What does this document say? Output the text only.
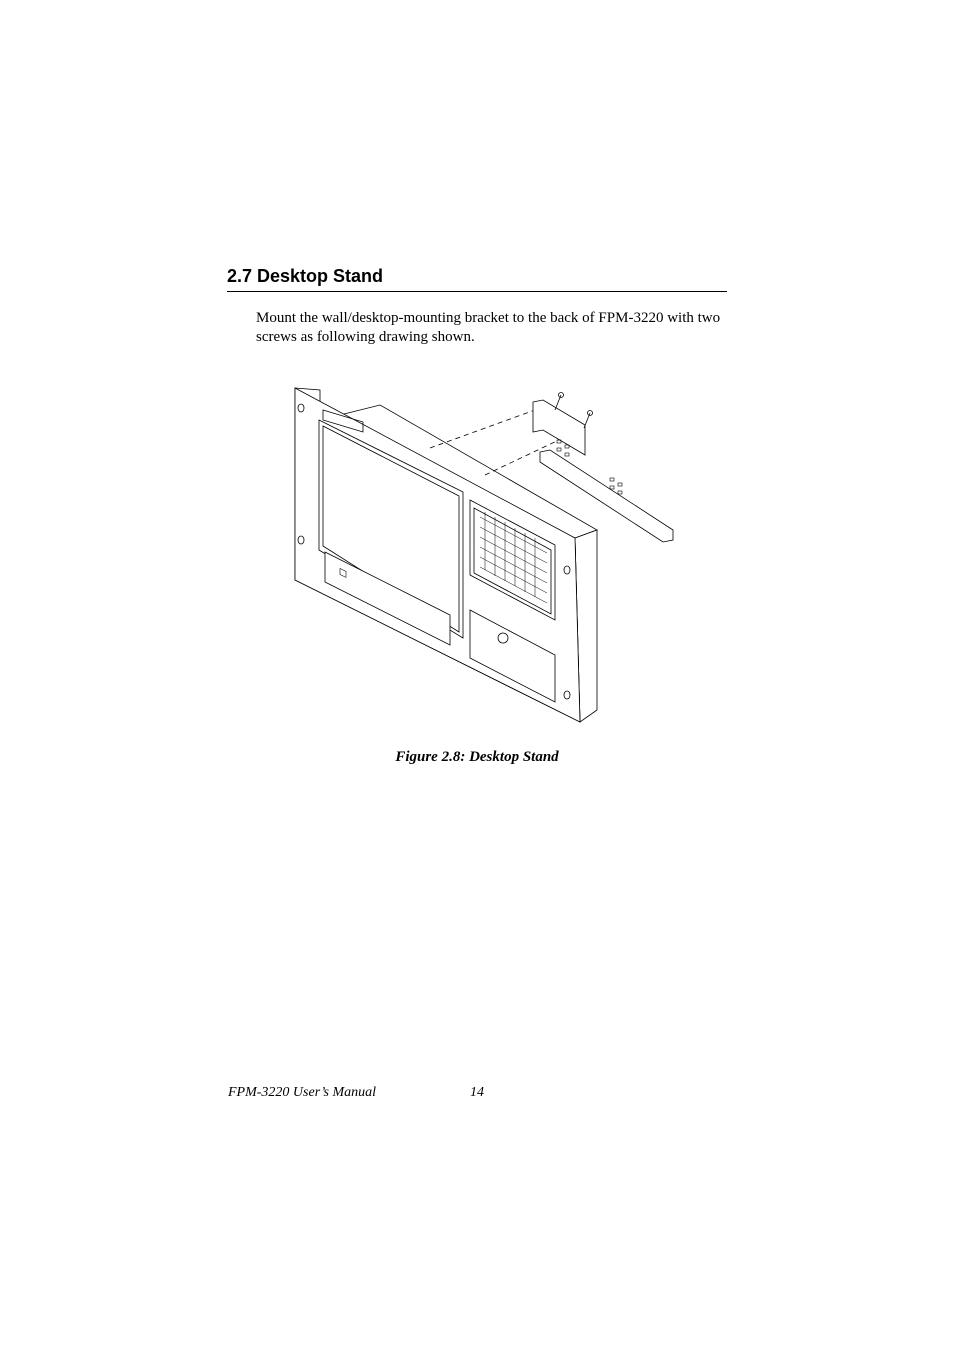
2.7 Desktop Stand

Mount the wall/desktop-mounting bracket to the back of FPM-3220 with two screws as following drawing shown.

Figure 2.8: Desktop Stand

FPM-3220 User’s Manual	14
